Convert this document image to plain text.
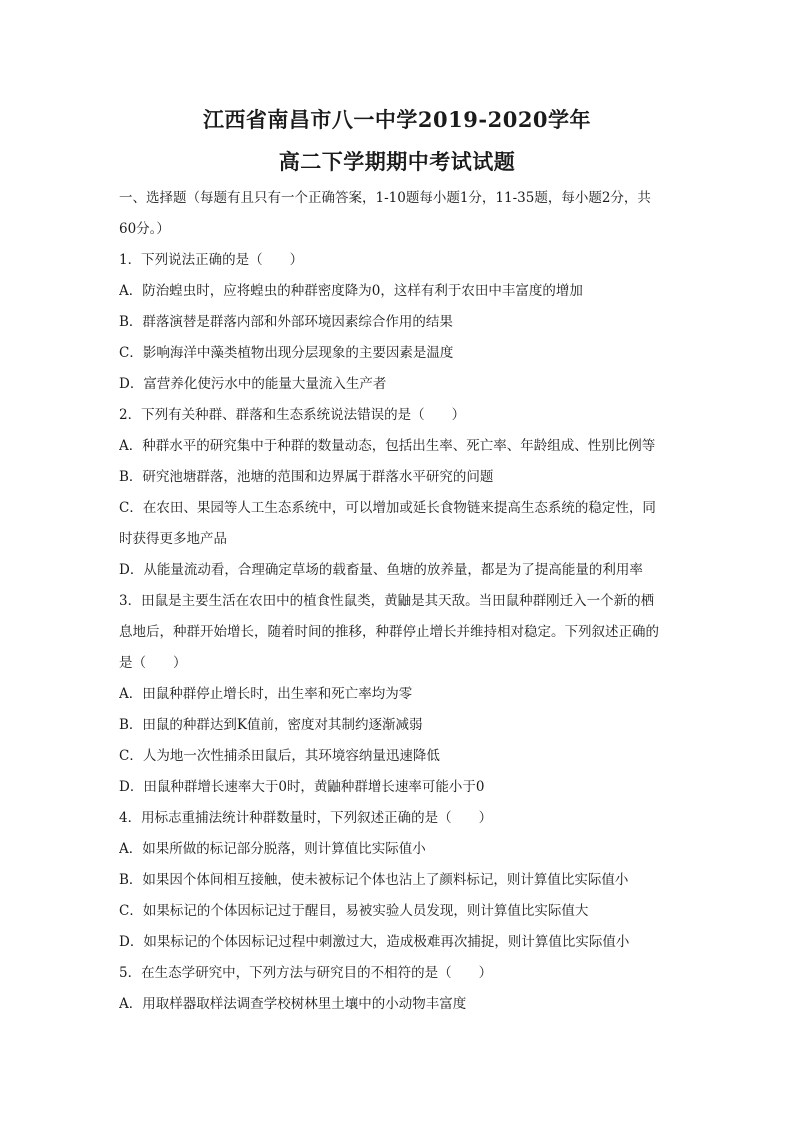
江西省南昌市八一中学2019-2020学年
高二下学期期中考试试题
一、选择题（每题有且只有一个正确答案，1-10题每小题1分，11-35题，每小题2分，共
60分。）
1．下列说法正确的是（　　）
A．防治蝗虫时，应将蝗虫的种群密度降为0，这样有利于农田中丰富度的增加
B．群落演替是群落内部和外部环境因素综合作用的结果
C．影响海洋中藻类植物出现分层现象的主要因素是温度
D．富营养化使污水中的能量大量流入生产者
2．下列有关种群、群落和生态系统说法错误的是（　　）
A．种群水平的研究集中于种群的数量动态，包括出生率、死亡率、年龄组成、性别比例等
B．研究池塘群落，池塘的范围和边界属于群落水平研究的问题
C．在农田、果园等人工生态系统中，可以增加或延长食物链来提高生态系统的稳定性，同
时获得更多地产品
D．从能量流动看，合理确定草场的载畜量、鱼塘的放养量，都是为了提高能量的利用率
3．田鼠是主要生活在农田中的植食性鼠类，黄鼬是其天敌。当田鼠种群刚迁入一个新的栖
息地后，种群开始增长，随着时间的推移，种群停止增长并维持相对稳定。下列叙述正确的
是（　　）
A．田鼠种群停止增长时，出生率和死亡率均为零
B．田鼠的种群达到K值前，密度对其制约逐渐减弱
C．人为地一次性捕杀田鼠后，其环境容纳量迅速降低
D．田鼠种群增长速率大于0时，黄鼬种群增长速率可能小于0
4．用标志重捕法统计种群数量时，下列叙述正确的是（　　）
A．如果所做的标记部分脱落，则计算值比实际值小
B．如果因个体间相互接触，使未被标记个体也沾上了颜料标记，则计算值比实际值小
C．如果标记的个体因标记过于醒目，易被实验人员发现，则计算值比实际值大
D．如果标记的个体因标记过程中刺激过大，造成极难再次捕捉，则计算值比实际值小
5．在生态学研究中，下列方法与研究目的不相符的是（　　）
A．用取样器取样法调查学校树林里土壤中的小动物丰富度
